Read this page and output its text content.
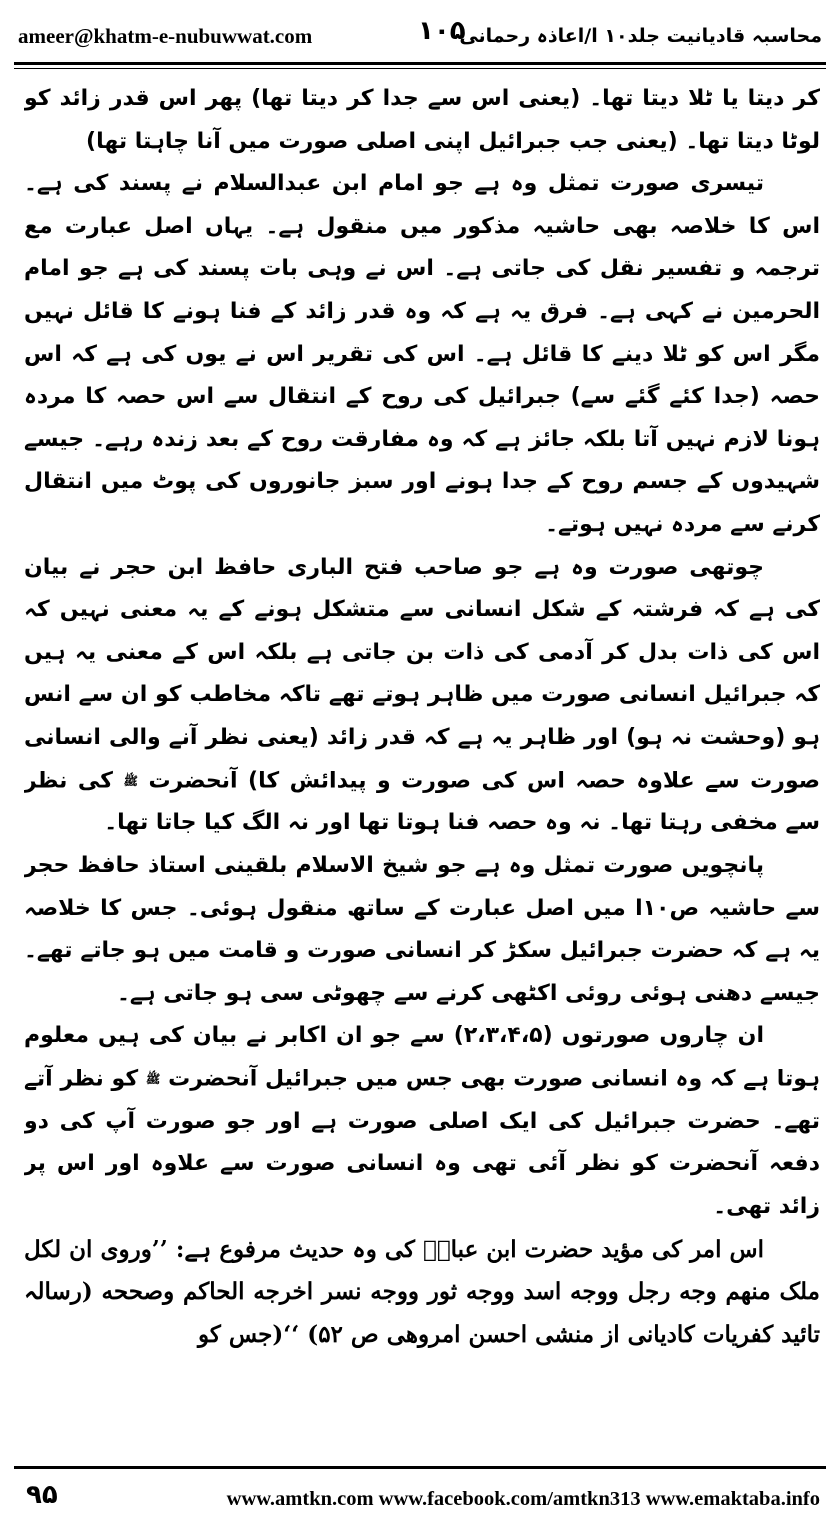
ameer@khatm-e-nubuwwat.com	۱۰۵
محاسبہ قادیانیت جلد۱۰ ا/اعاذہ رحمانی

کر دیتا یا ٹلا دیتا تھا۔ (یعنی اس سے جدا کر دیتا تھا) پھر اس قدر زائد کو لوٹا دیتا تھا۔ (یعنی جب جبرائیل اپنی اصلی صورت میں آنا چاہتا تھا)

تیسری صورت تمثل وہ ہے جو امام ابن عبدالسلام نے پسند کی ہے۔ اس کا خلاصہ بھی حاشیہ مذکور میں منقول ہے۔ یہاں اصل عبارت مع ترجمہ و تفسیر نقل کی جاتی ہے۔ اس نے وہی بات پسند کی ہے جو امام الحرمین نے کہی ہے۔ فرق یہ ہے کہ وہ قدر زائد کے فنا ہونے کا قائل نہیں مگر اس کو ٹلا دینے کا قائل ہے۔ اس کی تقریر اس نے یوں کی ہے کہ اس حصہ (جدا کئے گئے سے) جبرائیل کی روح کے انتقال سے اس حصہ کا مردہ ہونا لازم نہیں آتا بلکہ جائز ہے کہ وہ مفارقت روح کے بعد زندہ رہے۔ جیسے شہیدوں کے جسم روح کے جدا ہونے اور سبز جانوروں کی پوٹ میں انتقال کرنے سے مردہ نہیں ہوتے۔

چوتھی صورت وہ ہے جو صاحب فتح الباری حافظ ابن حجر نے بیان کی ہے کہ فرشتہ کے شکل انسانی سے متشکل ہونے کے یہ معنی نہیں کہ اس کی ذات بدل کر آدمی کی ذات بن جاتی ہے بلکہ اس کے معنی یہ ہیں کہ جبرائیل انسانی صورت میں ظاہر ہوتے تھے تاکہ مخاطب کو ان سے انس ہو (وحشت نہ ہو) اور ظاہر یہ ہے کہ قدر زائد (یعنی نظر آنے والی انسانی صورت سے علاوہ حصہ اس کی صورت و پیدائش کا) آنحضرت ﷺ کی نظر سے مخفی رہتا تھا۔ نہ وہ حصہ فنا ہوتا تھا اور نہ الگ کیا جاتا تھا۔

پانچویں صورت تمثل وہ ہے جو شیخ الاسلام بلقینی استاذ حافظ حجر سے حاشیہ ص۱۰ا میں اصل عبارت کے ساتھ منقول ہوئی۔ جس کا خلاصہ یہ ہے کہ حضرت جبرائیل سکڑ کر انسانی صورت و قامت میں ہو جاتے تھے۔ جیسے دھنی ہوئی روئی اکٹھی کرنے سے چھوٹی سی ہو جاتی ہے۔

ان چاروں صورتوں (۲،۳،۴،۵) سے جو ان اکابر نے بیان کی ہیں معلوم ہوتا ہے کہ وہ انسانی صورت بھی جس میں جبرائیل آنحضرت ﷺ کو نظر آتے تھے۔ حضرت جبرائیل کی ایک اصلی صورت ہے اور جو صورت آپ کی دو دفعہ آنحضرت کو نظر آئی تھی وہ انسانی صورت سے علاوہ اور اس پر زائد تھی۔

اس امر کی مؤید حضرت ابن عباسؓ کی وہ حدیث مرفوع ہے: ’’وروی ان لکل ملک منهم وجه رجل ووجه اسد ووجه ثور ووجه نسر اخرجه الحاکم وصححه (رسالہ تائید کفریات کادیانی از منشی احسن امروھی ص ۵۲) ‘‘(جس کو

۹۵	www.amtkn.com www.facebook.com/amtkn313 www.emaktaba.info
